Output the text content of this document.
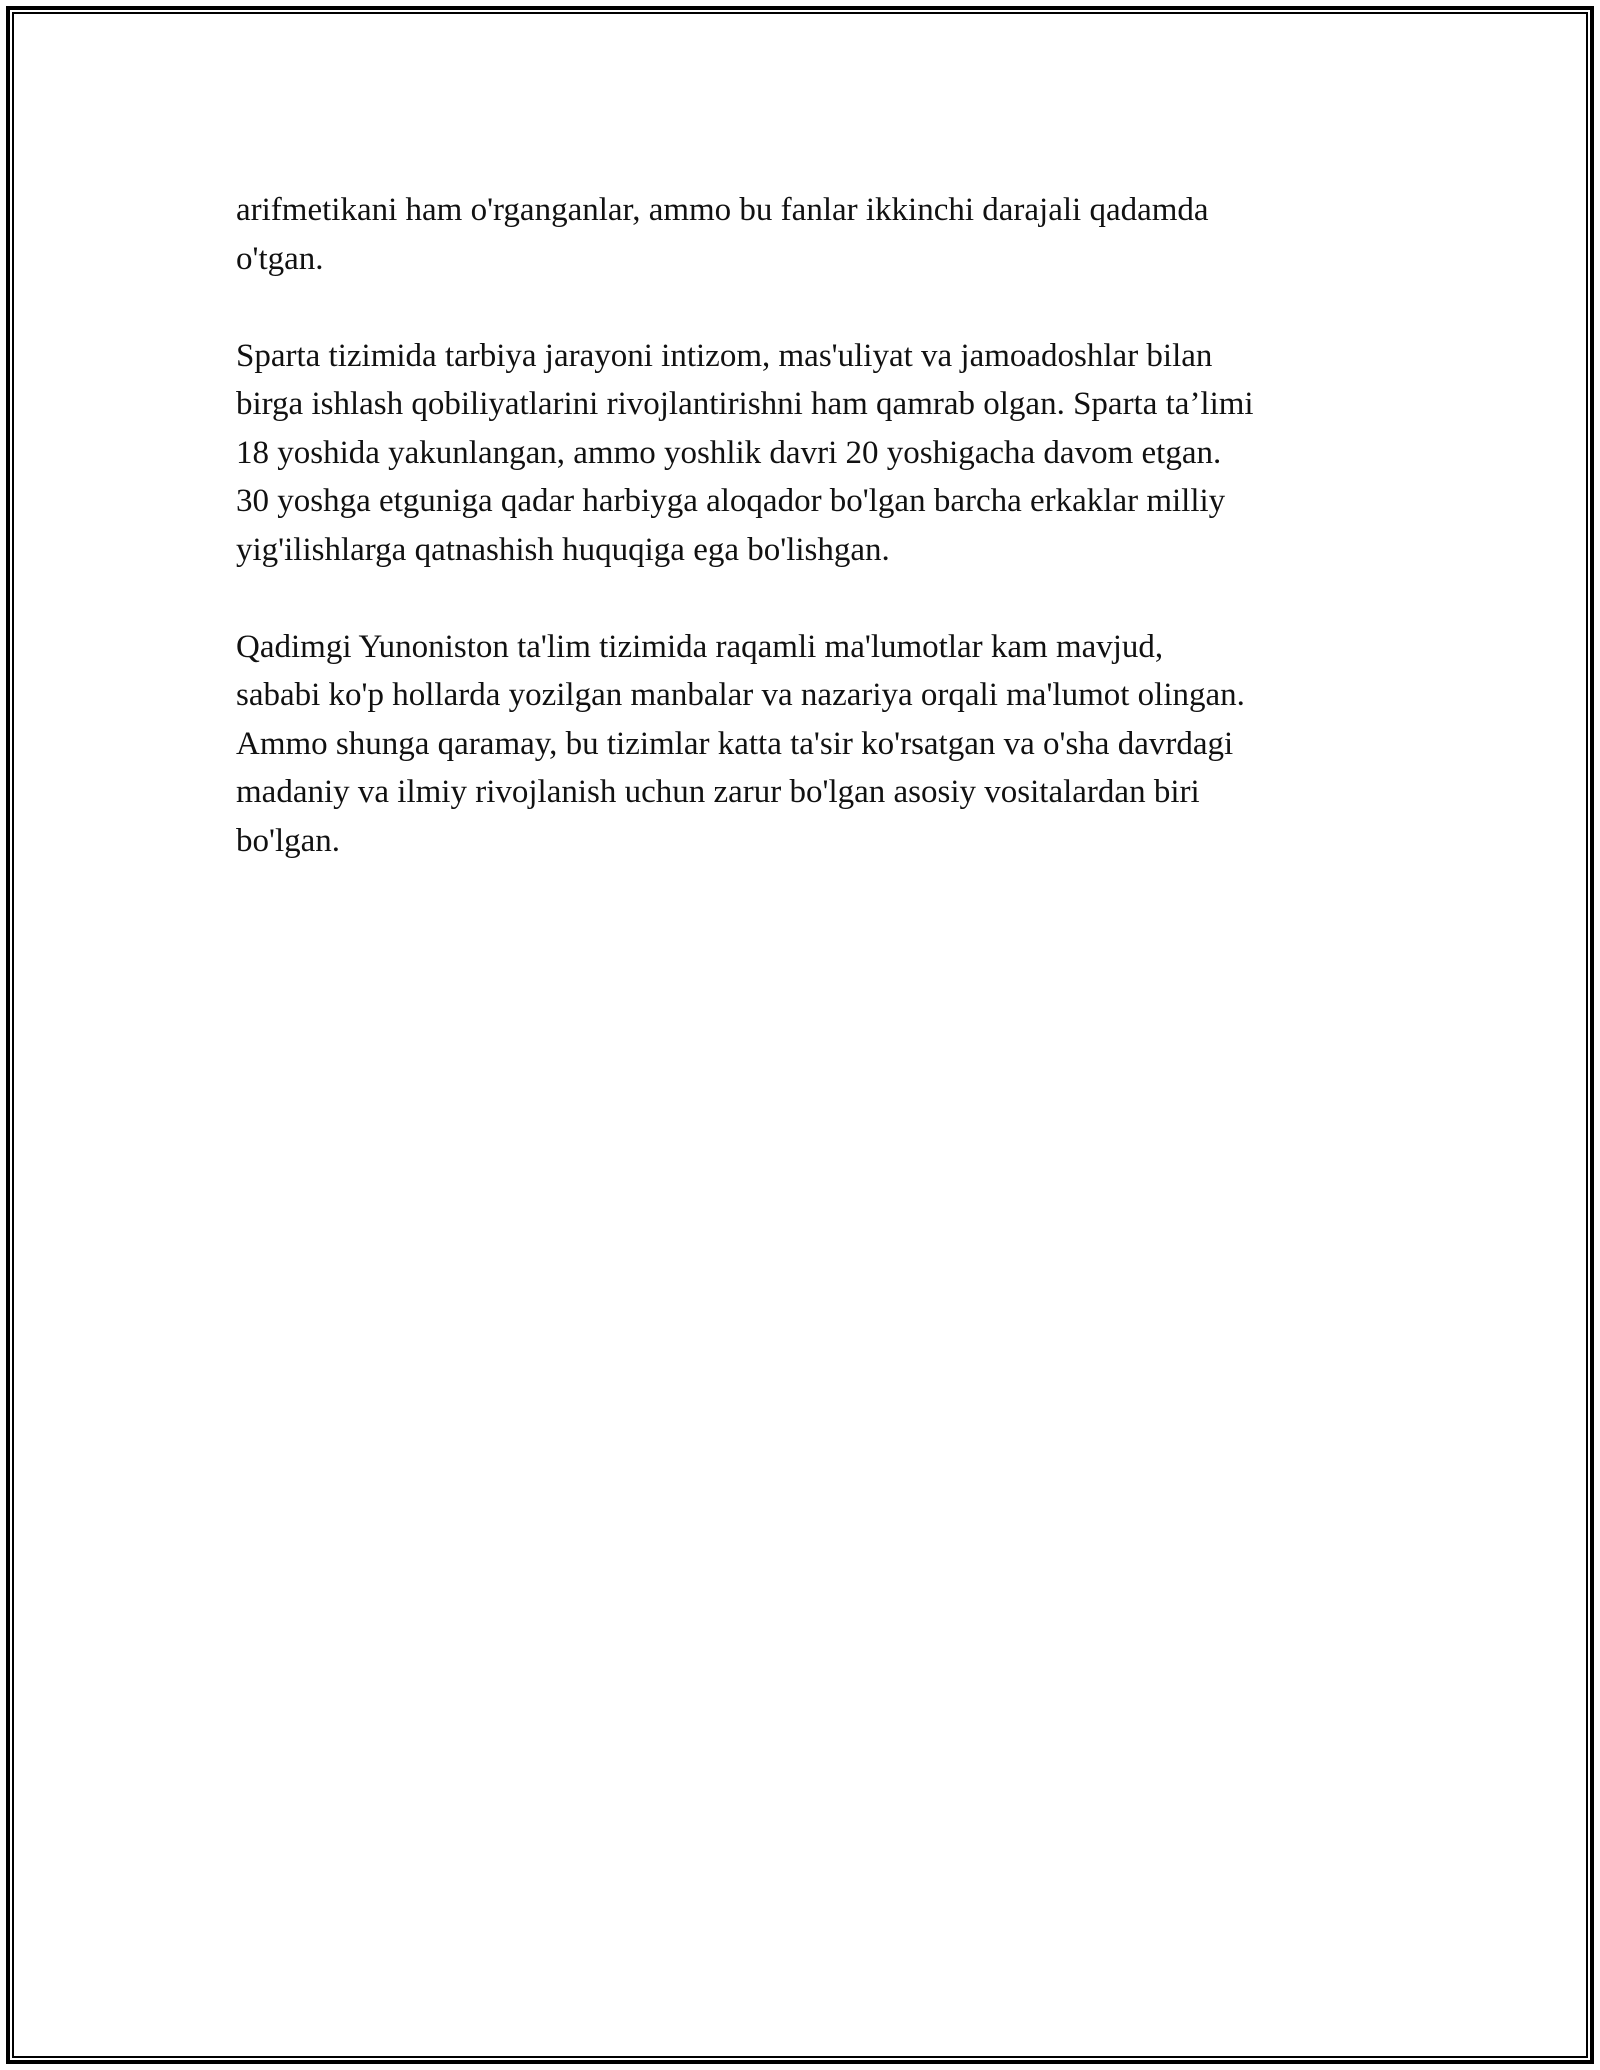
arifmetikani ham o'rganganlar, ammo bu fanlar ikkinchi darajali qadamda
o'tgan.

Sparta tizimida tarbiya jarayoni intizom, mas'uliyat va jamoadoshlar bilan
birga ishlash qobiliyatlarini rivojlantirishni ham qamrab olgan. Sparta ta’limi
18 yoshida yakunlangan, ammo yoshlik davri 20 yoshigacha davom etgan.
30 yoshga etguniga qadar harbiyga aloqador bo'lgan barcha erkaklar milliy
yig'ilishlarga qatnashish huquqiga ega bo'lishgan.

Qadimgi Yunoniston ta'lim tizimida raqamli ma'lumotlar kam mavjud,
sababi ko'p hollarda yozilgan manbalar va nazariya orqali ma'lumot olingan.
Ammo shunga qaramay, bu tizimlar katta ta'sir ko'rsatgan va o'sha davrdagi
madaniy va ilmiy rivojlanish uchun zarur bo'lgan asosiy vositalardan biri
bo'lgan.
